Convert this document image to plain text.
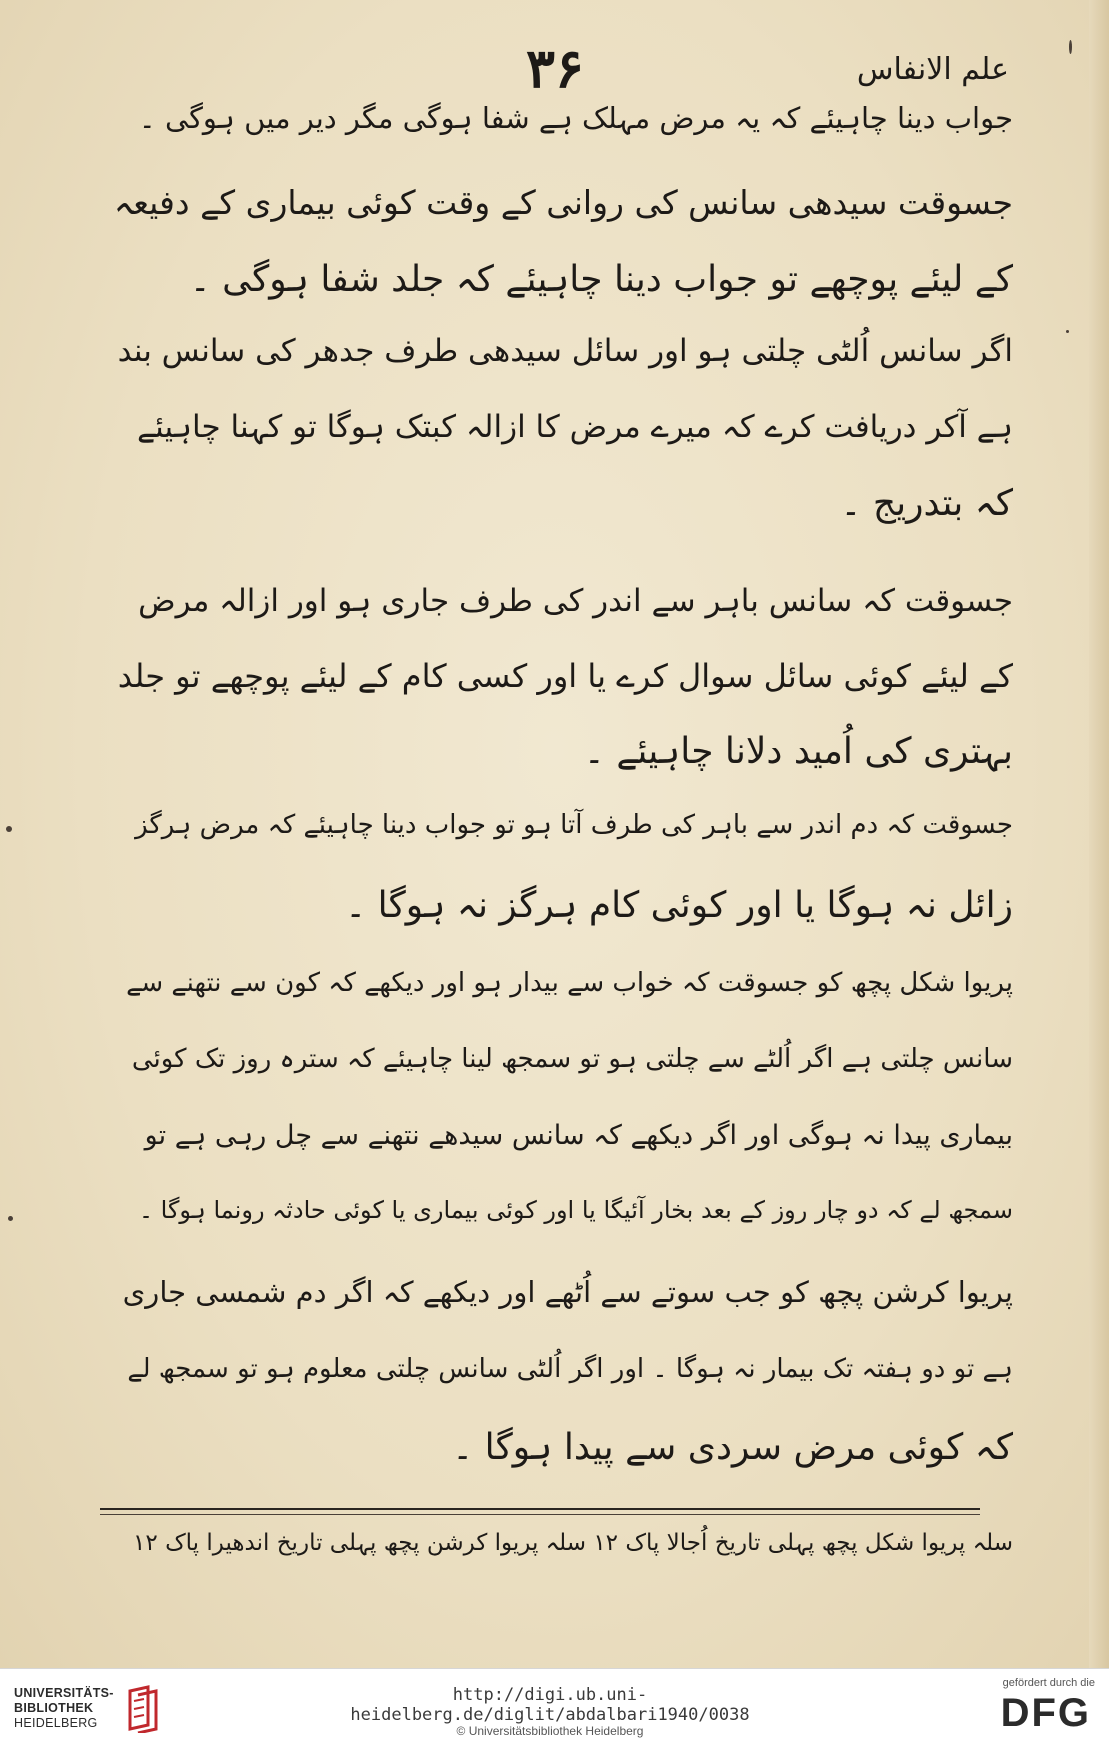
۳۶	علم الانفاس
جواب دینا چاہیئے کہ یہ مرض مہلک ہے شفا ہوگی مگر دیر میں ہوگی ۔
جسوقت سیدھی سانس کی روانی کے وقت کوئی بیماری کے دفیعہ
کے لیئے پوچھے تو جواب دینا چاہیئے کہ جلد شفا ہوگی ۔
اگر سانس اُلٹی چلتی ہو اور سائل سیدھی طرف جدھر کی سانس بند
ہے آکر دریافت کرے کہ میرے مرض کا ازالہ کبتک ہوگا تو کہنا چاہیئے
کہ بتدریج ۔
جسوقت کہ سانس باہر سے اندر کی طرف جاری ہو اور ازالہ مرض
کے لیئے کوئی سائل سوال کرے یا اور کسی کام کے لیئے پوچھے تو جلد
بہتری کی اُمید دلانا چاہیئے ۔
جسوقت کہ دم اندر سے باہر کی طرف آتا ہو تو جواب دینا چاہیئے کہ مرض ہرگز
زائل نہ ہوگا یا اور کوئی کام ہرگز نہ ہوگا ۔
پریوا شکل پچھ کو جسوقت کہ خواب سے بیدار ہو اور دیکھے کہ کون سے نتھنے سے
سانس چلتی ہے اگر اُلٹے سے چلتی ہو تو سمجھ لینا چاہیئے کہ سترہ روز تک کوئی
بیماری پیدا نہ ہوگی اور اگر دیکھے کہ سانس سیدھے نتھنے سے چل رہی ہے تو
سمجھ لے کہ دو چار روز کے بعد بخار آئیگا یا اور کوئی بیماری یا کوئی حادثہ رونما ہوگا ۔
پریوا کرشن پچھ کو جب سوتے سے اُٹھے اور دیکھے کہ اگر دم شمسی جاری
ہے تو دو ہفتہ تک بیمار نہ ہوگا ۔ اور اگر اُلٹی سانس چلتی معلوم ہو تو سمجھ لے
کہ کوئی مرض سردی سے پیدا ہوگا ۔
سلہ پریوا شکل پچھ پہلی تاریخ اُجالا پاک ۱۲ سلہ پریوا کرشن پچھ پہلی تاریخ اندھیرا پاک ۱۲
UNIVERSITÄTS-
BIBLIOTHEK
HEIDELBERG
http://digi.ub.uni-heidelberg.de/diglit/abdalbari1940/0038
© Universitätsbibliothek Heidelberg
gefördert durch die
DFG
